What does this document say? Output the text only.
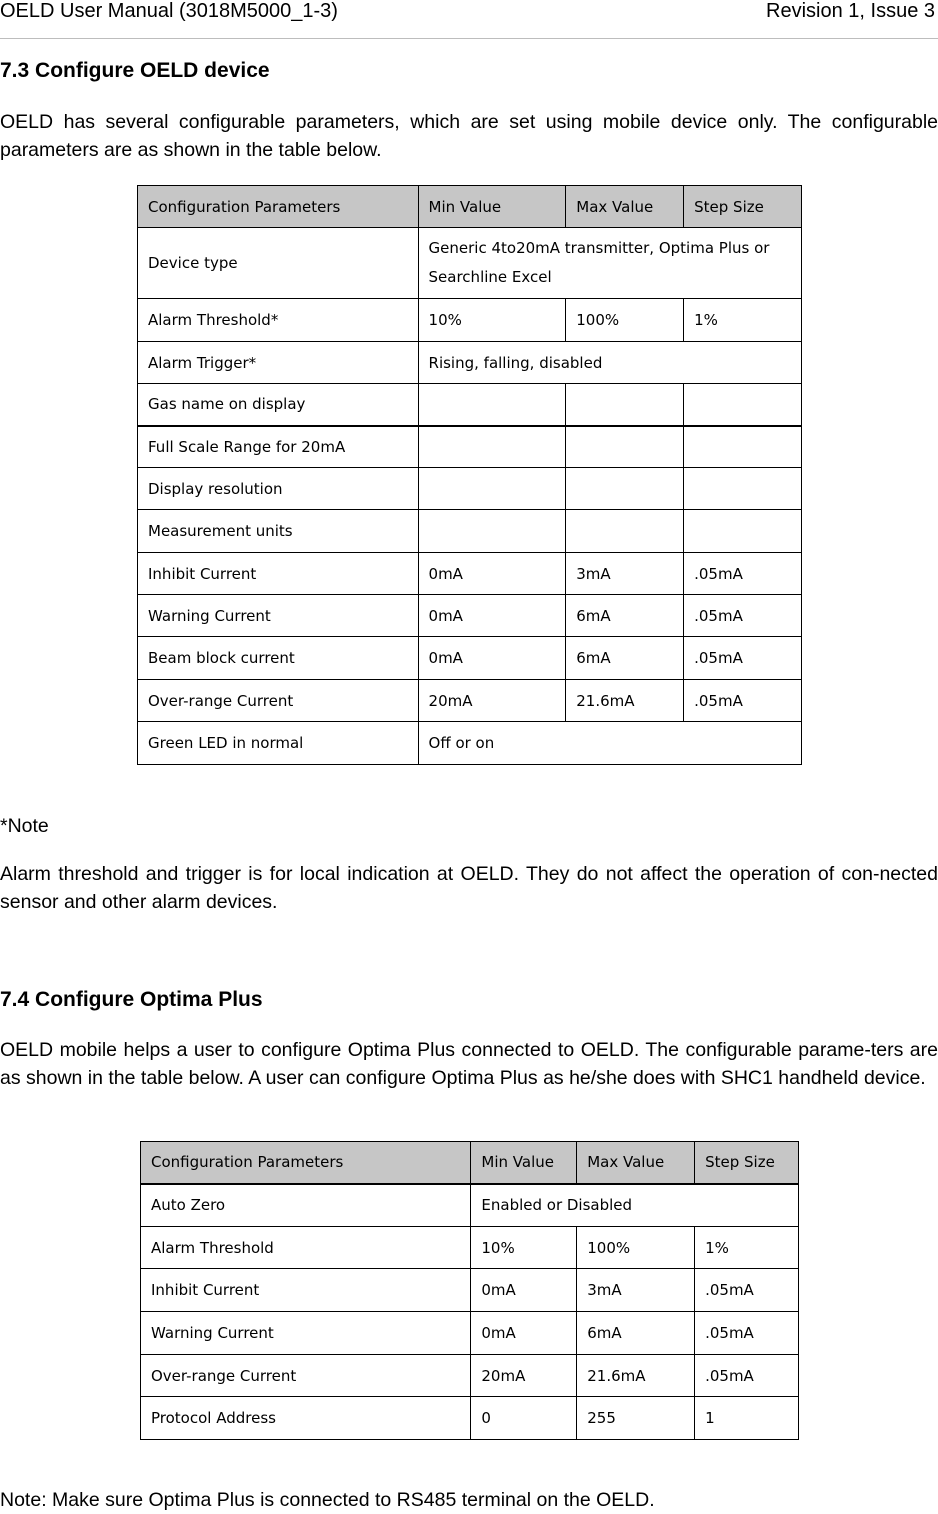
OELD User Manual (3018M5000_1-3)	Revision 1, Issue 3
7.3 Configure OELD device
OELD has several configurable parameters, which are set using mobile device only. The configurable parameters are as shown in the table below.
Configuration Parameters	Min Value	Max Value	Step Size
Device type	Generic 4to20mA transmitter, Optima Plus or Searchline Excel		
Alarm Threshold*	10%	100%	1%
Alarm Trigger*	Rising, falling, disabled		
Gas name on display			
Full Scale Range for 20mA			
Display resolution			
Measurement units			
Inhibit Current	0mA	3mA	.05mA
Warning Current	0mA	6mA	.05mA
Beam block current	0mA	6mA	.05mA
Over-range Current	20mA	21.6mA	.05mA
Green LED in normal	Off or on		
*Note
Alarm threshold and trigger is for local indication at OELD. They do not affect the operation of con-nected sensor and other alarm devices.
7.4 Configure Optima Plus
OELD mobile helps a user to configure Optima Plus connected to OELD. The configurable parame-ters are as shown in the table below. A user can configure Optima Plus as he/she does with SHC1 handheld device.
Configuration Parameters	Min Value	Max Value	Step Size
Auto Zero	Enabled or Disabled		
Alarm Threshold	10%	100%	1%
Inhibit Current	0mA	3mA	.05mA
Warning Current	0mA	6mA	.05mA
Over-range Current	20mA	21.6mA	.05mA
Protocol Address	0	255	1
Note: Make sure Optima Plus is connected to RS485 terminal on the OELD.
